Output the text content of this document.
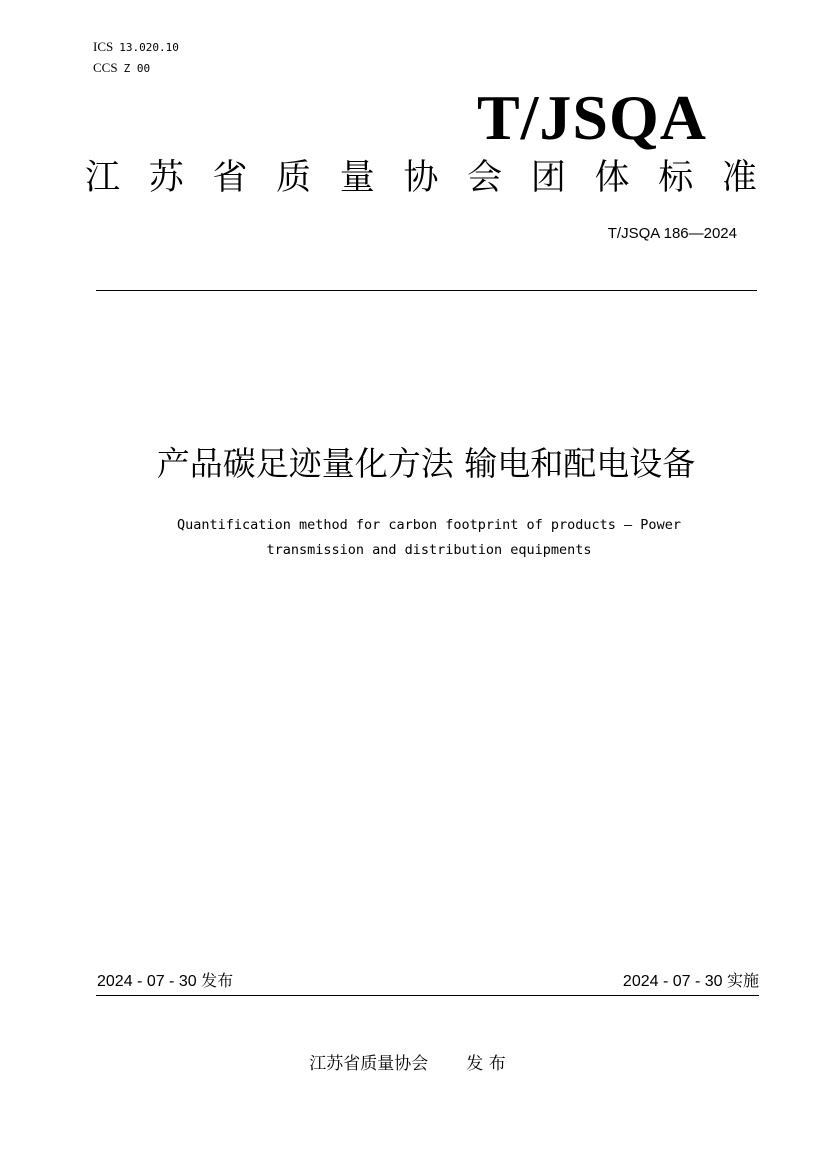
ICS 13.020.10
CCS Z 00
T/JSQA
江 苏 省 质 量 协 会 团 体 标 准
T/JSQA 186—2024
产品碳足迹量化方法 输电和配电设备
Quantification method for carbon footprint of products — Power
transmission and distribution equipments
2024 - 07 - 30 发布	2024 - 07 - 30 实施
江苏省质量协会 发 布
